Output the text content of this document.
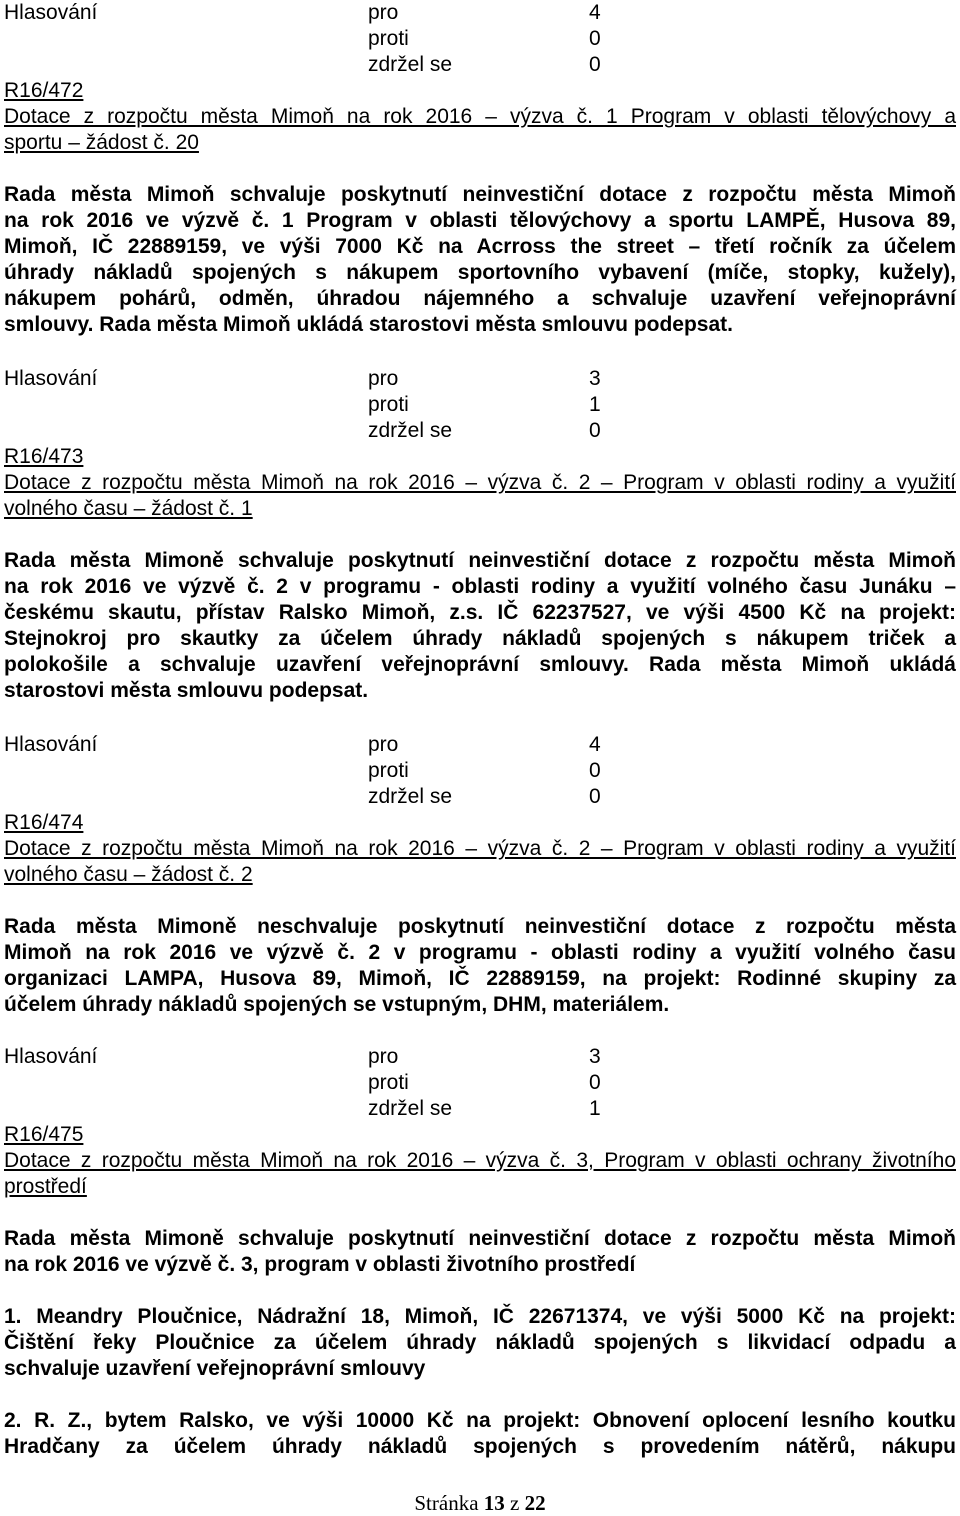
Hlasování	pro	4
proti	0
zdržel se	0
R16/472
Dotace z rozpočtu města Mimoň na rok 2016 – výzva č. 1 Program v oblasti tělovýchovy a
sportu – žádost č. 20
Rada města Mimoň schvaluje poskytnutí neinvestiční dotace z rozpočtu města Mimoň
na rok 2016 ve výzvě č. 1 Program v oblasti tělovýchovy a sportu LAMPĚ, Husova 89,
Mimoň, IČ 22889159, ve výši 7000 Kč na Acrross the street – třetí ročník za účelem
úhrady nákladů spojených s nákupem sportovního vybavení (míče, stopky, kužely),
nákupem pohárů, odměn, úhradou nájemného a schvaluje uzavření veřejnoprávní
smlouvy. Rada města Mimoň ukládá starostovi města smlouvu podepsat.
Hlasování	pro	3
proti	1
zdržel se	0
R16/473
Dotace z rozpočtu města Mimoň na rok 2016 – výzva č. 2 – Program v oblasti rodiny a využití
volného času – žádost č. 1
Rada města Mimoně schvaluje poskytnutí neinvestiční dotace z rozpočtu města Mimoň
na rok 2016 ve výzvě č. 2 v programu - oblasti rodiny a využití volného času Junáku –
českému skautu, přístav Ralsko Mimoň, z.s. IČ 62237527, ve výši 4500 Kč na projekt:
Stejnokroj pro skautky za účelem úhrady nákladů spojených s nákupem triček a
polokošile a schvaluje uzavření veřejnoprávní smlouvy. Rada města Mimoň ukládá
starostovi města smlouvu podepsat.
Hlasování	pro	4
proti	0
zdržel se	0
R16/474
Dotace z rozpočtu města Mimoň na rok 2016 – výzva č. 2 – Program v oblasti rodiny a využití
volného času – žádost č. 2
Rada města Mimoně neschvaluje poskytnutí neinvestiční dotace z rozpočtu města
Mimoň na rok 2016 ve výzvě č. 2 v programu - oblasti rodiny a využití volného času
organizaci LAMPA, Husova 89, Mimoň, IČ 22889159, na projekt: Rodinné skupiny za
účelem úhrady nákladů spojených se vstupným, DHM, materiálem.
Hlasování	pro	3
proti	0
zdržel se	1
R16/475
Dotace z rozpočtu města Mimoň na rok 2016 – výzva č. 3, Program v oblasti ochrany životního
prostředí
Rada města Mimoně schvaluje poskytnutí neinvestiční dotace z rozpočtu města Mimoň
na rok 2016 ve výzvě č. 3, program v oblasti životního prostředí
1. Meandry Ploučnice, Nádražní 18, Mimoň, IČ 22671374, ve výši 5000 Kč na projekt:
Čištění řeky Ploučnice za účelem úhrady nákladů spojených s likvidací odpadu a
schvaluje uzavření veřejnoprávní smlouvy
2. R. Z., bytem Ralsko, ve výši 10000 Kč na projekt: Obnovení oplocení lesního koutku
Hradčany za účelem úhrady nákladů spojených s provedením nátěrů, nákupu
Stránka 13 z 22
